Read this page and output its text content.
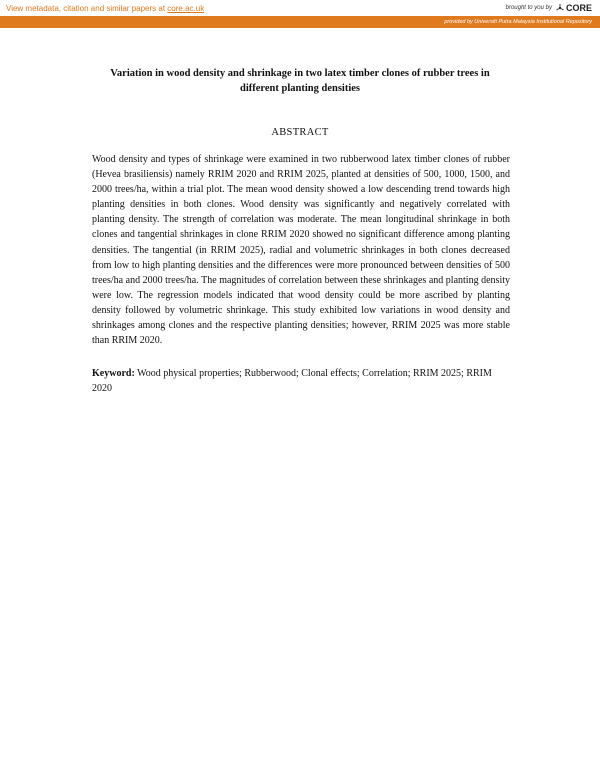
View metadata, citation and similar papers at core.ac.uk	brought to you by CORE
provided by Universiti Putra Malaysia Institutional Repository
Variation in wood density and shrinkage in two latex timber clones of rubber trees in different planting densities
ABSTRACT
Wood density and types of shrinkage were examined in two rubberwood latex timber clones of rubber (Hevea brasiliensis) namely RRIM 2020 and RRIM 2025, planted at densities of 500, 1000, 1500, and 2000 trees/ha, within a trial plot. The mean wood density showed a low descending trend towards high planting densities in both clones. Wood density was significantly and negatively correlated with planting density. The strength of correlation was moderate. The mean longitudinal shrinkage in both clones and tangential shrinkages in clone RRIM 2020 showed no significant difference among planting densities. The tangential (in RRIM 2025), radial and volumetric shrinkages in both clones decreased from low to high planting densities and the differences were more pronounced between densities of 500 trees/ha and 2000 trees/ha. The magnitudes of correlation between these shrinkages and planting density were low. The regression models indicated that wood density could be more ascribed by planting density followed by volumetric shrinkage. This study exhibited low variations in wood density and shrinkages among clones and the respective planting densities; however, RRIM 2025 was more stable than RRIM 2020.
Keyword: Wood physical properties; Rubberwood; Clonal effects; Correlation; RRIM 2025; RRIM 2020
